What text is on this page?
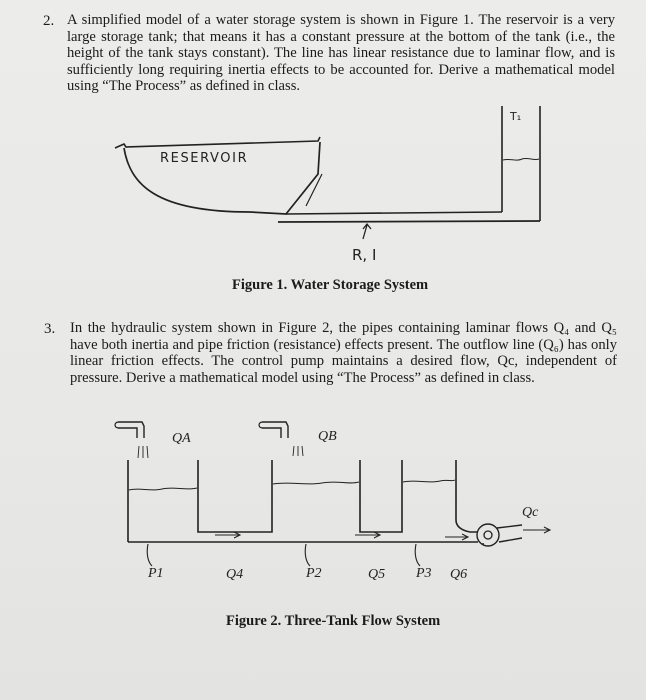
2. A simplified model of a water storage system is shown in Figure 1. The reservoir is a very large storage tank; that means it has a constant pressure at the bottom of the tank (i.e., the height of the tank stays constant). The line has linear resistance due to laminar flow, and is sufficiently long requiring inertia effects to be accounted for. Derive a mathematical model using “The Process” as defined in class.
RESERVOIR
T₁
R, I
Figure 1. Water Storage System
3. In the hydraulic system shown in Figure 2, the pipes containing laminar flows Q₄ and Q₅ have both inertia and pipe friction (resistance) effects present. The outflow line (Q₆) has only linear friction effects. The control pump maintains a desired flow, Qc, independent of pressure. Derive a mathematical model using “The Process” as defined in class.
QA	QB
Qc
P1	Q4	P2	Q5 P3 Q6
Figure 2. Three-Tank Flow System
